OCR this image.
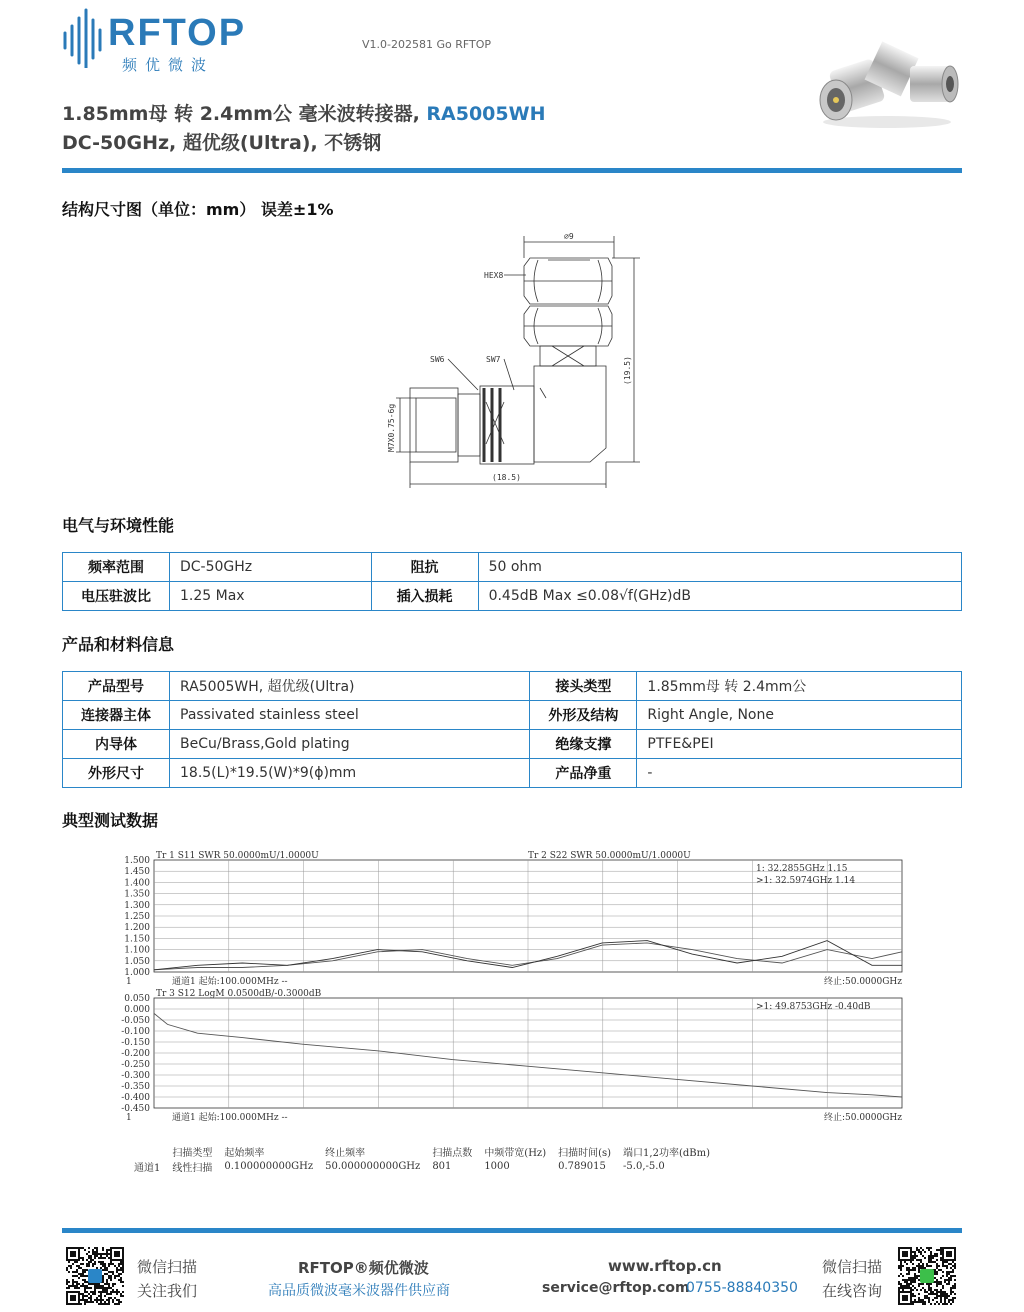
RFTOP
频优微波
V1.0-202581 Go RFTOP
1.85mm母 转 2.4mm公 毫米波转接器, RA5005WH
DC-50GHz, 超优级(Ultra), 不锈钢
结构尺寸图（单位：mm） 误差±1%
⌀9
HEX8
SW6	SW7	(19.5)
(18.5)
M7X0.75-6g
电气与环境性能
频率范围	DC-50GHz	阻抗	50 ohm
电压驻波比	1.25 Max	插入损耗	0.45dB Max ≤0.08√f(GHz)dB
产品和材料信息
产品型号	RA5005WH, 超优级(Ultra)	接头类型	1.85mm母 转 2.4mm公
连接器主体	Passivated stainless steel	外形及结构	Right Angle, None
内导体	BeCu/Brass,Gold plating	绝缘支撑	PTFE&PEI
外形尺寸	18.5(L)*19.5(W)*9(ϕ)mm	产品净重	-
典型测试数据
1.500
1.450
1.400
1.350
1.300
1.250
1.200
1.150
1.100
1.050
1.000
Tr 1 S11 SWR 50.0000mU/1.0000U	Tr 2 S22 SWR 50.0000mU/1.0000U
1: 32.2855GHz 1.15
>1: 32.5974GHz 1.14
1	通道1 起始:100.000MHz --	终止:50.0000GHz
0.050
0.000
-0.050
-0.100
-0.150
-0.200
-0.250
-0.300
-0.350
-0.400
-0.450
Tr 3 S12 LogM 0.0500dB/-0.3000dB
>1: 49.8753GHz -0.40dB
1	通道1 起始:100.000MHz --	终止:50.0000GHz
	扫描类型	起始频率	终止频率	扫描点数	中频带宽(Hz)	扫描时间(s)	端口1,2功率(dBm)
通道1	线性扫描	0.100000000GHz	50.000000000GHz	801	1000	0.789015	-5.0,-5.0
微信扫描
关注我们
RFTOP®频优微波
高品质微波毫米波器件供应商
www.rftop.cn
service@rftop.com
0755-88840350
微信扫描
在线咨询
